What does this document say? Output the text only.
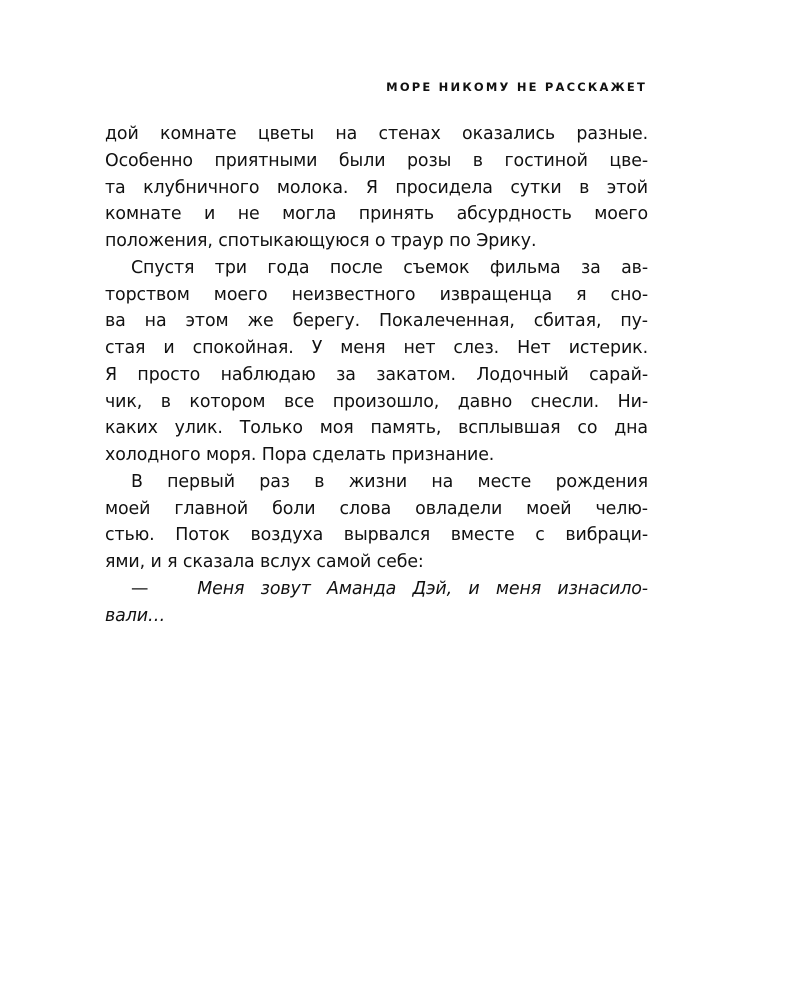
МОРЕ НИКОМУ НЕ РАССКАЖЕТ
дой комнате цветы на стенах оказались разные.
Особенно приятными были розы в гостиной цве-
та клубничного молока. Я просидела сутки в этой
комнате и не могла принять абсурдность моего
положения, спотыкающуюся о траур по Эрику.
Спустя три года после съемок фильма за ав-
торством моего неизвестного извращенца я сно-
ва на этом же берегу. Покалеченная, сбитая, пу-
стая и спокойная. У меня нет слез. Нет истерик.
Я просто наблюдаю за закатом. Лодочный сарай-
чик, в котором все произошло, давно снесли. Ни-
каких улик. Только моя память, всплывшая со дна
холодного моря. Пора сделать признание.
В первый раз в жизни на месте рождения
моей главной боли слова овладели моей челю-
стью. Поток воздуха вырвался вместе с вибраци-
ями, и я сказала вслух самой себе:
—	Меня зовут Аманда Дэй, и меня изнасило-
вали…
